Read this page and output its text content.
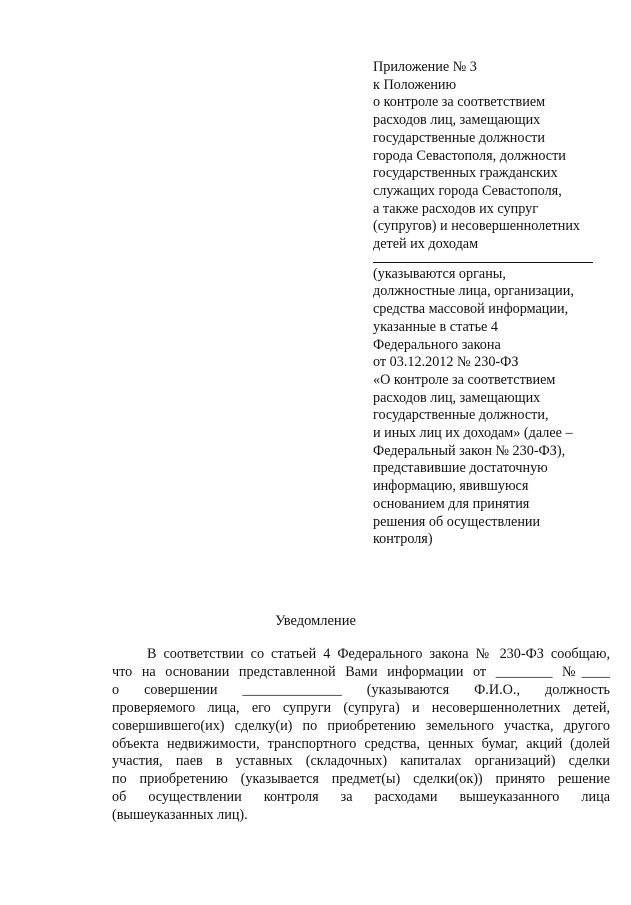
Приложение № 3
к Положению
о контроле за соответствием
расходов лиц, замещающих
государственные должности
города Севастополя, должности
государственных гражданских
служащих города Севастополя,
а также расходов их супруг
(супругов) и несовершеннолетних
детей их доходам
(указываются органы,
должностные лица, организации,
средства массовой информации,
указанные в статье 4
Федерального закона
от 03.12.2012 № 230-ФЗ
«О контроле за соответствием
расходов лиц, замещающих
государственные должности,
и иных лиц их доходам» (далее –
Федеральный закон № 230-ФЗ),
представившие достаточную
информацию, явившуюся
основанием для принятия
решения об осуществлении
контроля)
Уведомление
В соответствии со статьей 4 Федерального закона № 230-ФЗ сообщаю,
что на основании представленной Вами информации от ________ №____
о совершении ______________ (указываются Ф.И.О., должность
проверяемого лица, его супруги (супруга) и несовершеннолетних детей,
совершившего(их) сделку(и) по приобретению земельного участка, другого
объекта недвижимости, транспортного средства, ценных бумаг, акций (долей
участия, паев в уставных (складочных) капиталах организаций) сделки
по приобретению (указывается предмет(ы) сделки(ок)) принято решение
об осуществлении контроля за расходами вышеуказанного лица
(вышеуказанных лиц).
